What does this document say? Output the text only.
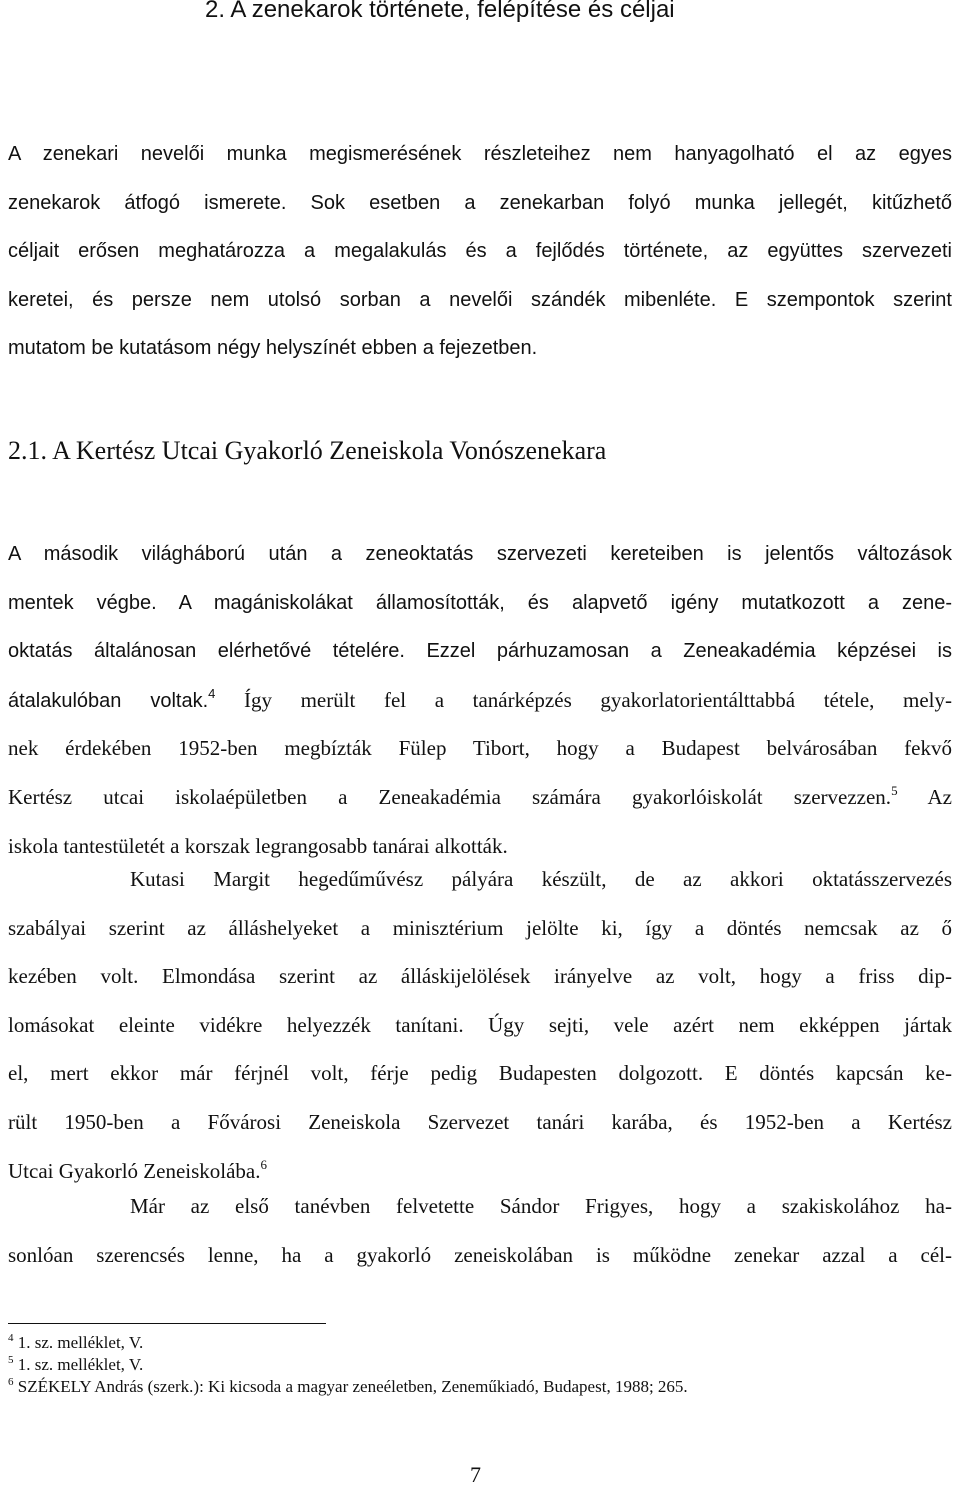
2. A zenekarok története, felépítése és céljai
A zenekari nevelői munka megismerésének részleteihez nem hanyagolható el az egyes
zenekarok átfogó ismerete. Sok esetben a zenekarban folyó munka jellegét, kitűzhető
céljait erősen meghatározza a megalakulás és a fejlődés története, az együttes szervezeti
keretei, és persze nem utolsó sorban a nevelői szándék mibenléte. E szempontok szerint
mutatom be kutatásom négy helyszínét ebben a fejezetben.
2.1. A Kertész Utcai Gyakorló Zeneiskola Vonószenekara
A második világháború után a zeneoktatás szervezeti kereteiben is jelentős változások
mentek végbe. A magániskolákat államosították, és alapvető igény mutatkozott a zene-
oktatás általánosan elérhetővé tételére. Ezzel párhuzamosan a Zeneakadémia képzései is
átalakulóban voltak.$^4$ Így merült fel a tanárképzés gyakorlatorientálttabbá tétele, mely-
nek érdekében 1952-ben megbízták Fülep Tibort, hogy a Budapest belvárosában fekvő
Kertész utcai iskolaépületben a Zeneakadémia számára gyakorlóiskolát szervezzen.$^5$ Az
iskola tantestületét a korszak legrangosabb tanárai alkották.
Kutasi Margit hegedűművész pályára készült, de az akkori oktatásszervezés
szabályai szerint az álláshelyeket a minisztérium jelölte ki, így a döntés nemcsak az ő
kezében volt. Elmondása szerint az álláskijelölések irányelve az volt, hogy a friss dip-
lomásokat eleinte vidékre helyezzék tanítani. Úgy sejti, vele azért nem ekképpen jártak
el, mert ekkor már férjnél volt, férje pedig Budapesten dolgozott. E döntés kapcsán ke-
rült 1950-ben a Fővárosi Zeneiskola Szervezet tanári karába, és 1952-ben a Kertész
Utcai Gyakorló Zeneiskolába.$^6$
Már az első tanévben felvetette Sándor Frigyes, hogy a szakiskolához ha-
sonlóan szerencsés lenne, ha a gyakorló zeneiskolában is működne zenekar azzal a cél-
$^4$ 1. sz. melléklet, V.
$^5$ 1. sz. melléklet, V.
$^6$ SZÉKELY András (szerk.): Ki kicsoda a magyar zeneéletben, Zeneműkiadó, Budapest, 1988; 265.

7
